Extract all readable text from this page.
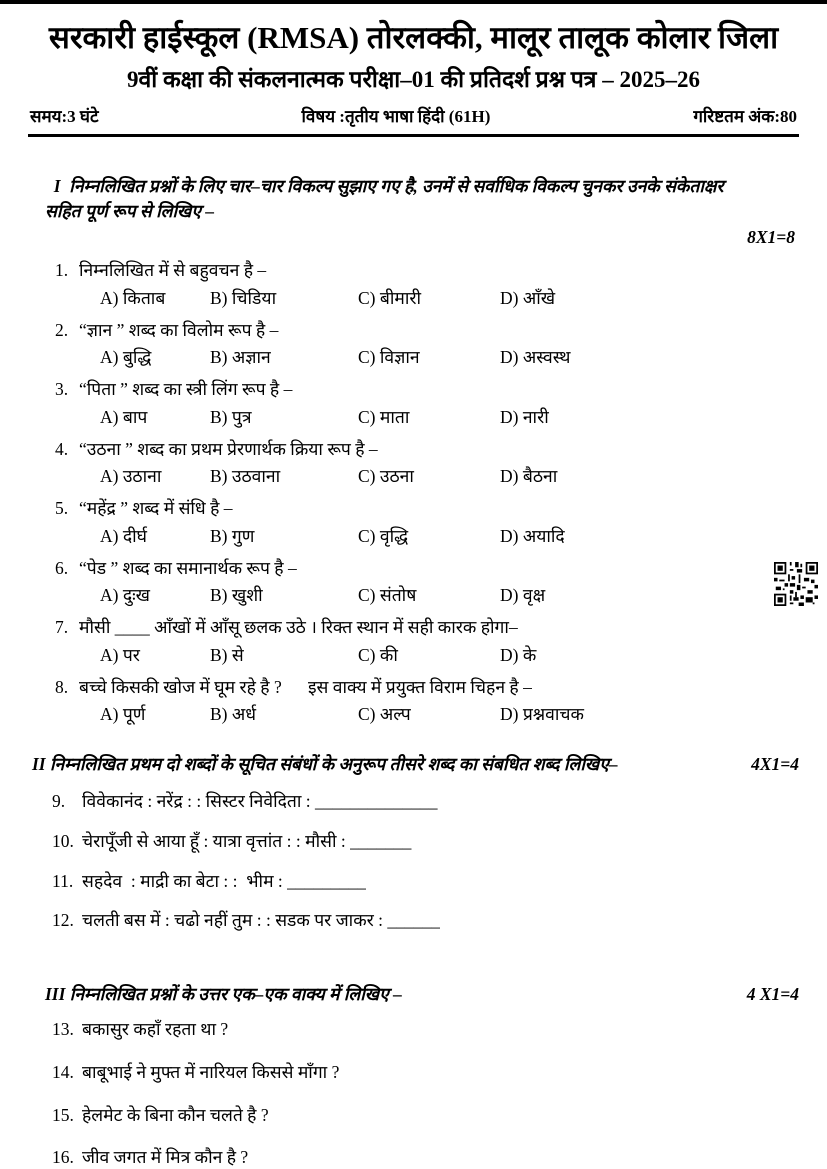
सरकारी हाईस्कूल (RMSA) तोरलक्की, मालूर तालूक कोलार जिला
9वीं कक्षा की संकलनात्मक परीक्षा–01 की प्रतिदर्श प्रश्न पत्र – 2025–26
समय:3 घंटे	विषय :तृतीय भाषा हिंदी (61H)	गरिष्टतम अंक:80

I  निम्नलिखित प्रश्नों के लिए चार–चार विकल्प सुझाए गए है, उनमें से सर्वाधिक विकल्प चुनकर उनके संकेताक्षर सहित पूर्ण रूप से लिखिए –

8X1=8

1. निम्नलिखित में से बहुवचन है –
A) किताब	B) चिडिया	C) बीमारी	D) आँखे
2. “ज्ञान ” शब्द का विलोम रूप है –
A) बुद्धि	B) अज्ञान	C) विज्ञान	D) अस्वस्थ
3. “पिता ” शब्द का स्त्री लिंग रूप है –
A) बाप	B) पुत्र	C) माता	D) नारी
4. “उठना ” शब्द का प्रथम प्रेरणार्थक क्रिया रूप है –
A) उठाना	B) उठवाना	C) उठना	D) बैठना
5. “महेंद्र ” शब्द में संधि है –
A) दीर्घ	B) गुण	C) वृद्धि	D) अयादि
6. “पेड ” शब्द का समानार्थक रूप है –
A) दुःख	B) खुशी	C) संतोष	D) वृक्ष
7. मौसी ____ आँखों में आँसू छलक उठे । रिक्त स्थान में सही कारक होगा–
A) पर	B) से	C) की	D) के
8. बच्चे किसकी खोज में घूम रहे है ?      इस वाक्य में प्रयुक्त विराम चिहन है –
A) पूर्ण	B) अर्ध	C) अल्प	D) प्रश्नवाचक
II निम्नलिखित प्रथम दो शब्दों के सूचित संबंधों के अनुरूप तीसरे शब्द का संबधित शब्द लिखिए–	4X1=4
9. विवेकानंद : नरेंद्र : : सिस्टर निवेदिता : ______________
10. चेरापूँजी से आया हूँ : यात्रा वृत्तांत : : मौसी : _______
11. सहदेव  : माद्री का बेटा : :  भीम : _________
12. चलती बस में : चढो नहीं तुम : : सडक पर जाकर : ______
III निम्नलिखित प्रश्नों के उत्तर एक–एक वाक्य में लिखिए –	4 X1=4
13. बकासुर कहाँ रहता था ?
14. बाबूभाई ने मुफ्त में नारियल किससे माँगा ?
15. हेलमेट के बिना कौन चलते है ?
16. जीव जगत में मित्र कौन है ?
